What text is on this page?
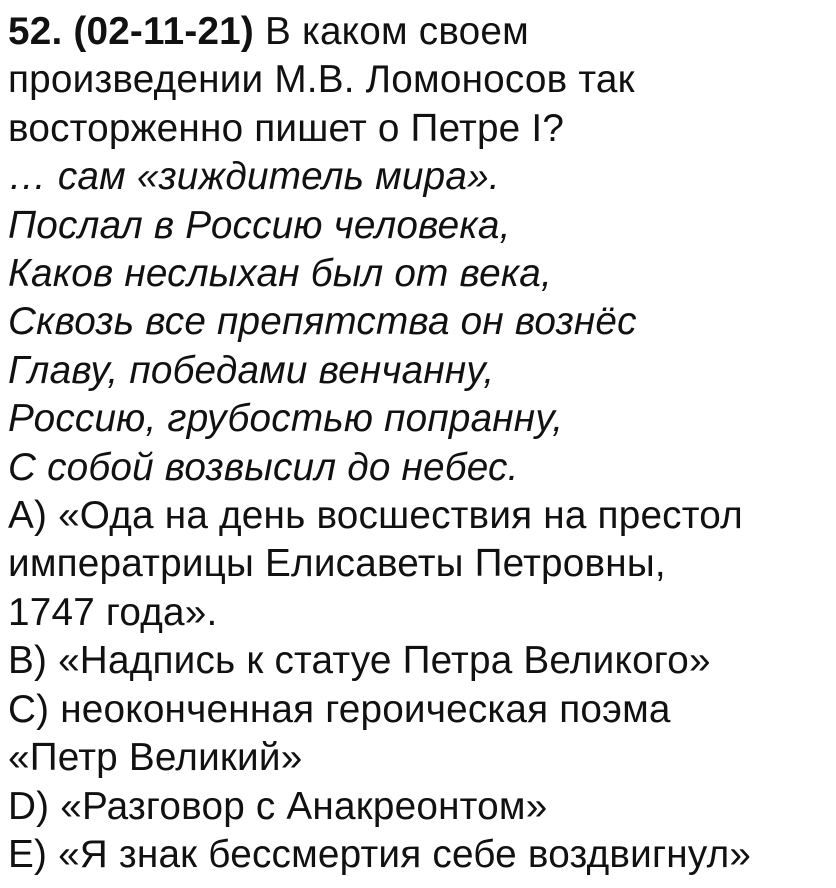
52. (02-11-21) В каком своем
произведении М.В. Ломоносов так
восторженно пишет о Петре I?
… сам «зиждитель мира».
Послал в Россию человека,
Каков неслыхан был от века,
Сквозь все препятства он вознёс
Главу, победами венчанну,
Россию, грубостью попранну,
С собой возвысил до небес.
A) «Ода на день восшествия на престол
императрицы Елисаветы Петровны,
1747 года».
B) «Надпись к статуе Петра Великого»
C) неоконченная героическая поэма
«Петр Великий»
D) «Разговор с Анакреонтом»
E) «Я знак бессмертия себе воздвигнул»
